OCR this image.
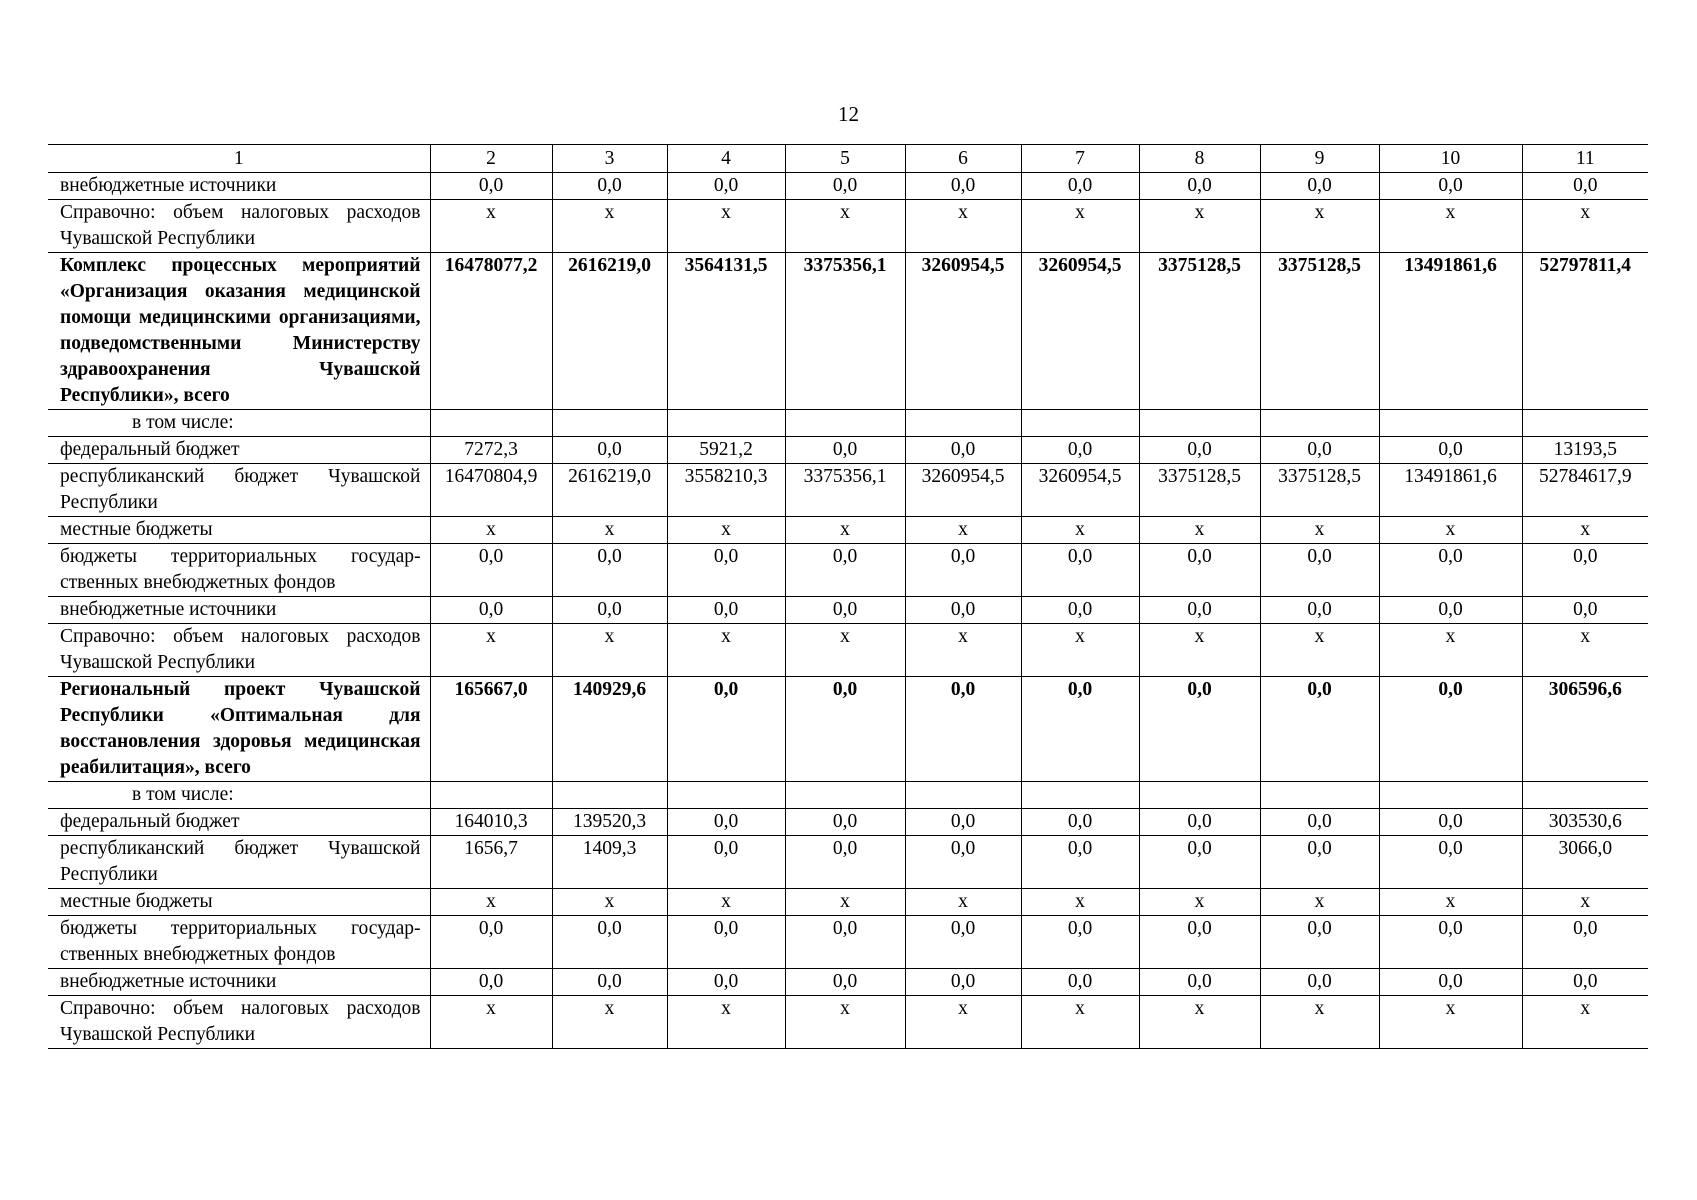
12
1	2	3	4	5	6	7	8	9	10	11
внебюджетные источники	0,0	0,0	0,0	0,0	0,0	0,0	0,0	0,0	0,0	0,0
Справочно: объем налоговых расходов Чувашской Республики	x	x	x	x	x	x	x	x	x	x
Комплекс процессных мероприятий «Организация оказания медицинской помощи медицинскими организациями, подведомственными Министерству здравоохранения Чувашской Республики», всего	16478077,2	2616219,0	3564131,5	3375356,1	3260954,5	3260954,5	3375128,5	3375128,5	13491861,6	52797811,4
в том числе:										
федеральный бюджет	7272,3	0,0	5921,2	0,0	0,0	0,0	0,0	0,0	0,0	13193,5
республиканский бюджет Чувашской Республики	16470804,9	2616219,0	3558210,3	3375356,1	3260954,5	3260954,5	3375128,5	3375128,5	13491861,6	52784617,9
местные бюджеты	x	x	x	x	x	x	x	x	x	x
бюджеты территориальных государственных внебюджетных фондов	0,0	0,0	0,0	0,0	0,0	0,0	0,0	0,0	0,0	0,0
внебюджетные источники	0,0	0,0	0,0	0,0	0,0	0,0	0,0	0,0	0,0	0,0
Справочно: объем налоговых расходов Чувашской Республики	x	x	x	x	x	x	x	x	x	x
Региональный проект Чувашской Республики «Оптимальная для восстановления здоровья медицинская реабилитация», всего	165667,0	140929,6	0,0	0,0	0,0	0,0	0,0	0,0	0,0	306596,6
в том числе:										
федеральный бюджет	164010,3	139520,3	0,0	0,0	0,0	0,0	0,0	0,0	0,0	303530,6
республиканский бюджет Чувашской Республики	1656,7	1409,3	0,0	0,0	0,0	0,0	0,0	0,0	0,0	3066,0
местные бюджеты	x	x	x	x	x	x	x	x	x	x
бюджеты территориальных государственных внебюджетных фондов	0,0	0,0	0,0	0,0	0,0	0,0	0,0	0,0	0,0	0,0
внебюджетные источники	0,0	0,0	0,0	0,0	0,0	0,0	0,0	0,0	0,0	0,0
Справочно: объем налоговых расходов Чувашской Республики	x	x	x	x	x	x	x	x	x	x
